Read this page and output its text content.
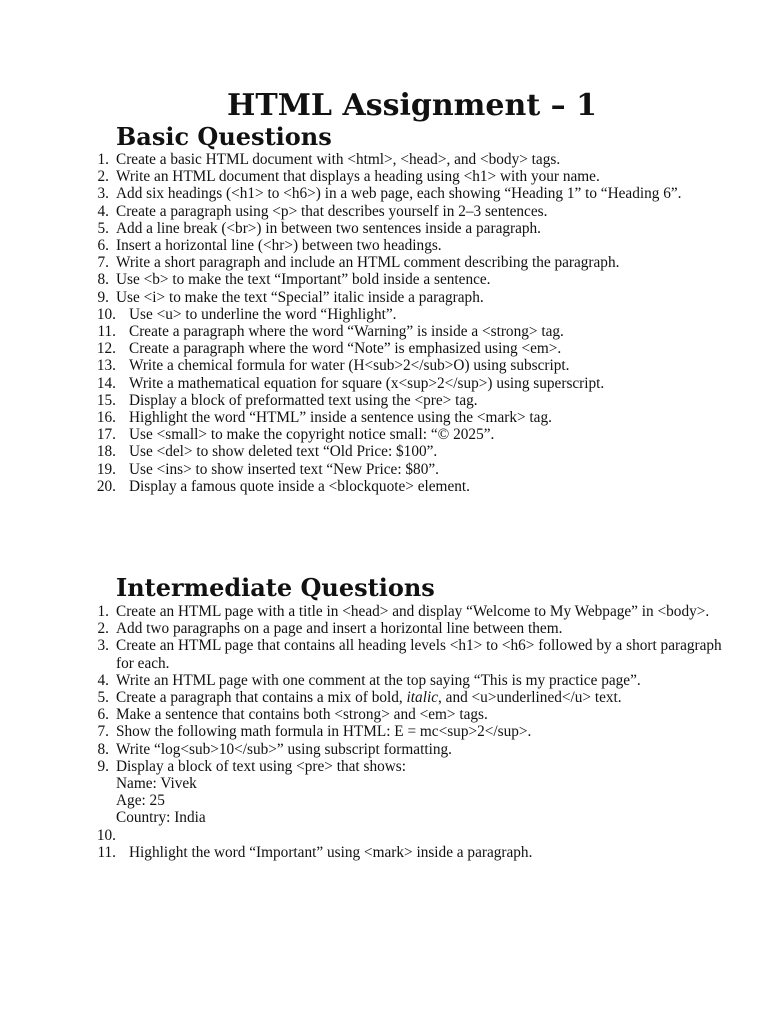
HTML Assignment – 1
Basic Questions
1. Create a basic HTML document with <html>, <head>, and <body> tags.
2. Write an HTML document that displays a heading using <h1> with your name.
3. Add six headings (<h1> to <h6>) in a web page, each showing “Heading 1” to “Heading 6”.
4. Create a paragraph using <p> that describes yourself in 2–3 sentences.
5. Add a line break (<br>) in between two sentences inside a paragraph.
6. Insert a horizontal line (<hr>) between two headings.
7. Write a short paragraph and include an HTML comment describing the paragraph.
8. Use <b> to make the text “Important” bold inside a sentence.
9. Use <i> to make the text “Special” italic inside a paragraph.
10. Use <u> to underline the word “Highlight”.
11. Create a paragraph where the word “Warning” is inside a <strong> tag.
12. Create a paragraph where the word “Note” is emphasized using <em>.
13. Write a chemical formula for water (H<sub>2</sub>O) using subscript.
14. Write a mathematical equation for square (x<sup>2</sup>) using superscript.
15. Display a block of preformatted text using the <pre> tag.
16. Highlight the word “HTML” inside a sentence using the <mark> tag.
17. Use <small> to make the copyright notice small: “© 2025”.
18. Use <del> to show deleted text “Old Price: $100”.
19. Use <ins> to show inserted text “New Price: $80”.
20. Display a famous quote inside a <blockquote> element.
Intermediate Questions
1. Create an HTML page with a title in <head> and display “Welcome to My Webpage” in <body>.
2. Add two paragraphs on a page and insert a horizontal line between them.
3. Create an HTML page that contains all heading levels <h1> to <h6> followed by a short paragraph for each.
4. Write an HTML page with one comment at the top saying “This is my practice page”.
5. Create a paragraph that contains a mix of bold, italic, and <u>underlined</u> text.
6. Make a sentence that contains both <strong> and <em> tags.
7. Show the following math formula in HTML: E = mc<sup>2</sup>.
8. Write “log<sub>10</sub>” using subscript formatting.
9. Display a block of text using <pre> that shows:
Name: Vivek
Age: 25
Country: India
10.
11. Highlight the word “Important” using <mark> inside a paragraph.
